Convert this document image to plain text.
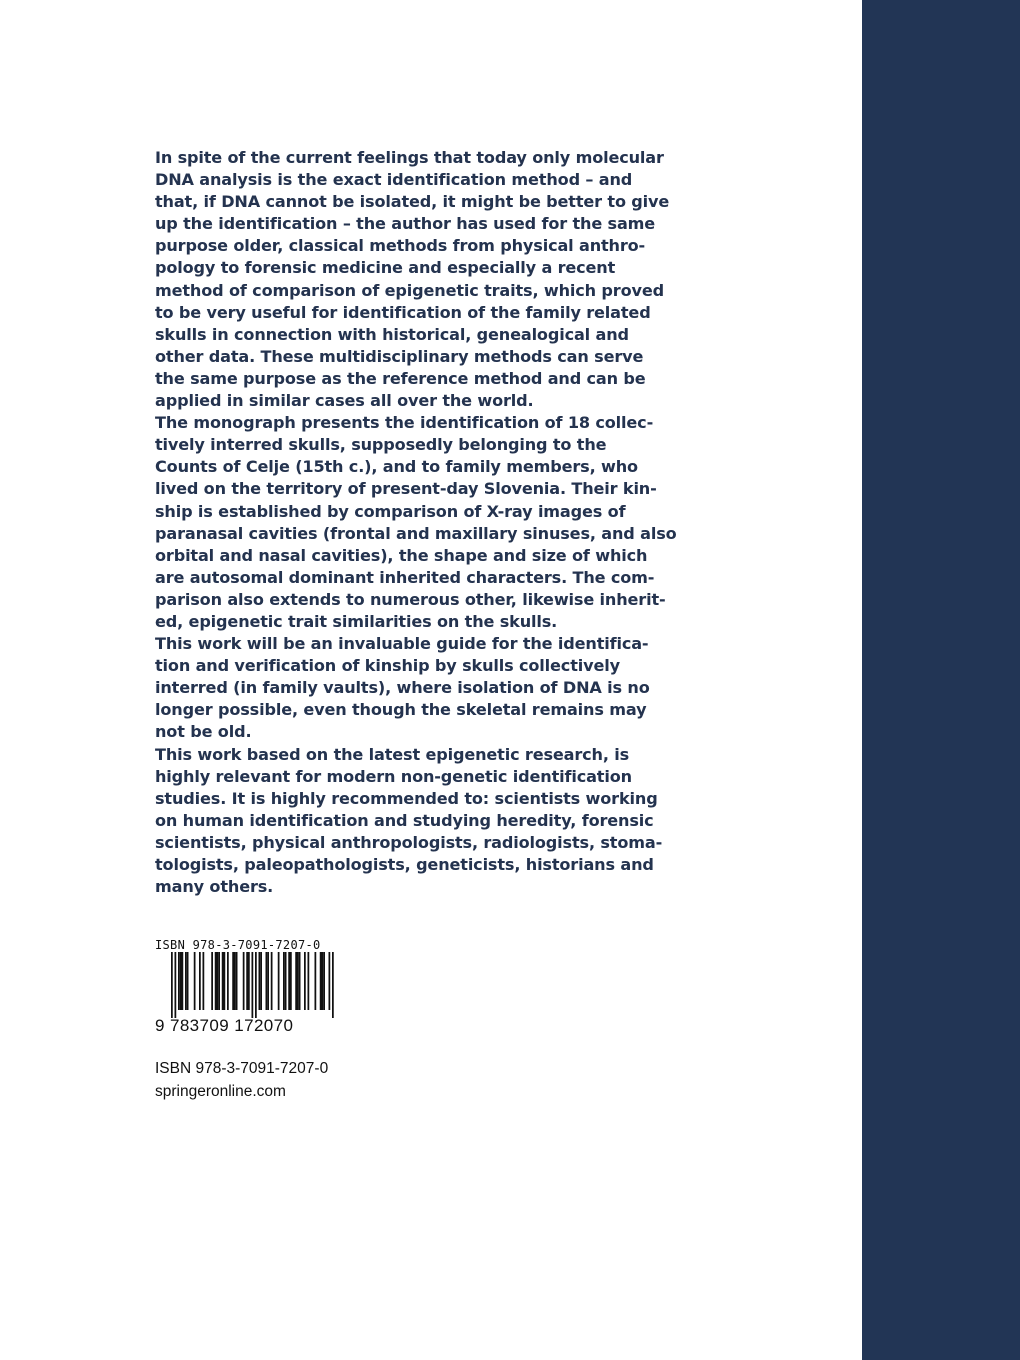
In spite of the current feelings that today only molecular
DNA analysis is the exact identification method – and
that, if DNA cannot be isolated, it might be better to give
up the identification – the author has used for the same
purpose older, classical methods from physical anthro-
pology to forensic medicine and especially a recent
method of comparison of epigenetic traits, which proved
to be very useful for identification of the family related
skulls in connection with historical, genealogical and
other data. These multidisciplinary methods can serve
the same purpose as the reference method and can be
applied in similar cases all over the world.
The monograph presents the identification of 18 collec-
tively interred skulls, supposedly belonging to the
Counts of Celje (15th c.), and to family members, who
lived on the territory of present-day Slovenia. Their kin-
ship is established by comparison of X-ray images of
paranasal cavities (frontal and maxillary sinuses, and also
orbital and nasal cavities), the shape and size of which
are autosomal dominant inherited characters. The com-
parison also extends to numerous other, likewise inherit-
ed, epigenetic trait similarities on the skulls.
This work will be an invaluable guide for the identifica-
tion and verification of kinship by skulls collectively
interred (in family vaults), where isolation of DNA is no
longer possible, even though the skeletal remains may
not be old.
This work based on the latest epigenetic research, is
highly relevant for modern non-genetic identification
studies. It is highly recommended to: scientists working
on human identification and studying heredity, forensic
scientists, physical anthropologists, radiologists, stoma-
tologists, paleopathologists, geneticists, historians and
many others.
ISBN 978-3-7091-7207-0
9 783709 172070
ISBN 978-3-7091-7207-0
springeronline.com
